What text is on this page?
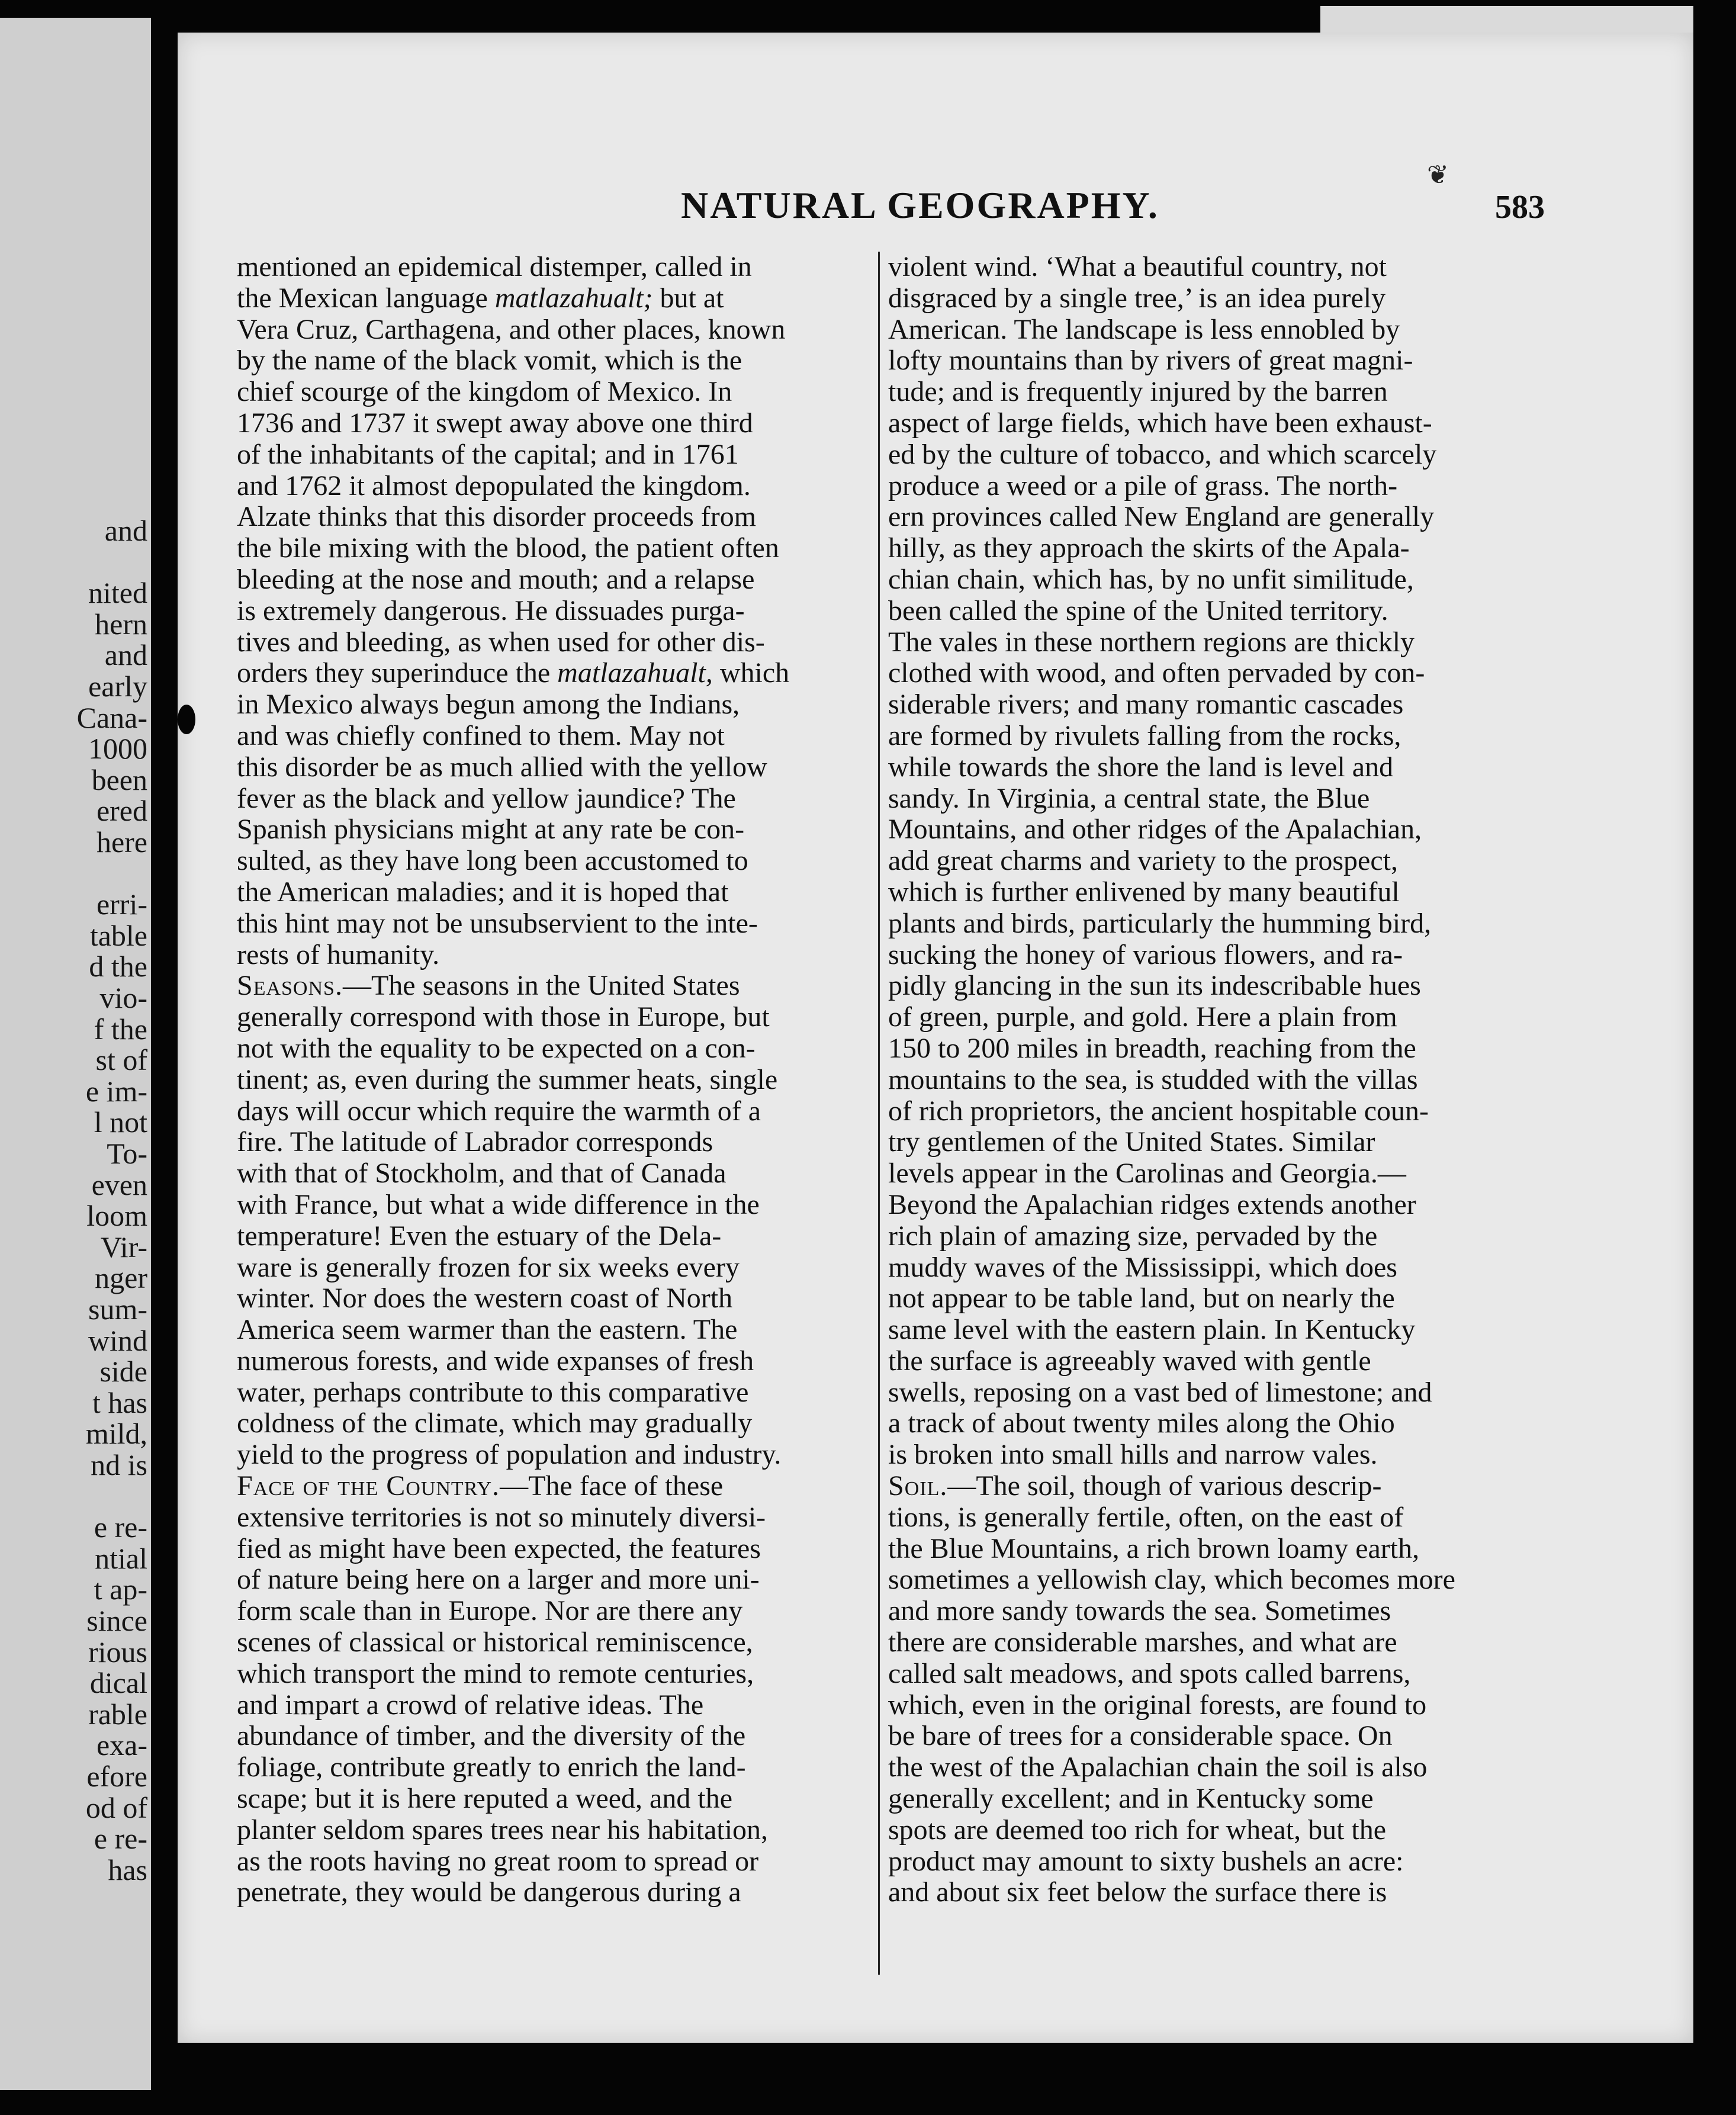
and
nited
hern
and
early
Cana-
1000
been
ered
here
erri-
table
d the
vio-
f the
st of
e im-
l not
To-
even
loom
Vir-
nger
sum-
wind
side
t has
mild,
nd is
e re-
ntial
t ap-
since
rious
dical
rable
exa-
efore
od of
e re-
has
❦
NATURAL GEOGRAPHY.	583
mentioned an epidemical distemper, called in
the Mexican language matlazahualt; but at
Vera Cruz, Carthagena, and other places, known
by the name of the black vomit, which is the
chief scourge of the kingdom of Mexico. In
1736 and 1737 it swept away above one third
of the inhabitants of the capital; and in 1761
and 1762 it almost depopulated the kingdom.
Alzate thinks that this disorder proceeds from
the bile mixing with the blood, the patient often
bleeding at the nose and mouth; and a relapse
is extremely dangerous. He dissuades purga-
tives and bleeding, as when used for other dis-
orders they superinduce the matlazahualt, which
in Mexico always begun among the Indians,
and was chiefly confined to them. May not
this disorder be as much allied with the yellow
fever as the black and yellow jaundice? The
Spanish physicians might at any rate be con-
sulted, as they have long been accustomed to
the American maladies; and it is hoped that
this hint may not be unsubservient to the inte-
rests of humanity.
Seasons.—The seasons in the United States
generally correspond with those in Europe, but
not with the equality to be expected on a con-
tinent; as, even during the summer heats, single
days will occur which require the warmth of a
fire. The latitude of Labrador corresponds
with that of Stockholm, and that of Canada
with France, but what a wide difference in the
temperature! Even the estuary of the Dela-
ware is generally frozen for six weeks every
winter. Nor does the western coast of North
America seem warmer than the eastern. The
numerous forests, and wide expanses of fresh
water, perhaps contribute to this comparative
coldness of the climate, which may gradually
yield to the progress of population and industry.
Face of the Country.—The face of these
extensive territories is not so minutely diversi-
fied as might have been expected, the features
of nature being here on a larger and more uni-
form scale than in Europe. Nor are there any
scenes of classical or historical reminiscence,
which transport the mind to remote centuries,
and impart a crowd of relative ideas. The
abundance of timber, and the diversity of the
foliage, contribute greatly to enrich the land-
scape; but it is here reputed a weed, and the
planter seldom spares trees near his habitation,
as the roots having no great room to spread or
penetrate, they would be dangerous during a
violent wind. ‘What a beautiful country, not
disgraced by a single tree,’ is an idea purely
American. The landscape is less ennobled by
lofty mountains than by rivers of great magni-
tude; and is frequently injured by the barren
aspect of large fields, which have been exhaust-
ed by the culture of tobacco, and which scarcely
produce a weed or a pile of grass. The north-
ern provinces called New England are generally
hilly, as they approach the skirts of the Apala-
chian chain, which has, by no unfit similitude,
been called the spine of the United territory.
The vales in these northern regions are thickly
clothed with wood, and often pervaded by con-
siderable rivers; and many romantic cascades
are formed by rivulets falling from the rocks,
while towards the shore the land is level and
sandy. In Virginia, a central state, the Blue
Mountains, and other ridges of the Apalachian,
add great charms and variety to the prospect,
which is further enlivened by many beautiful
plants and birds, particularly the humming bird,
sucking the honey of various flowers, and ra-
pidly glancing in the sun its indescribable hues
of green, purple, and gold. Here a plain from
150 to 200 miles in breadth, reaching from the
mountains to the sea, is studded with the villas
of rich proprietors, the ancient hospitable coun-
try gentlemen of the United States. Similar
levels appear in the Carolinas and Georgia.—
Beyond the Apalachian ridges extends another
rich plain of amazing size, pervaded by the
muddy waves of the Mississippi, which does
not appear to be table land, but on nearly the
same level with the eastern plain. In Kentucky
the surface is agreeably waved with gentle
swells, reposing on a vast bed of limestone; and
a track of about twenty miles along the Ohio
is broken into small hills and narrow vales.
Soil.—The soil, though of various descrip-
tions, is generally fertile, often, on the east of
the Blue Mountains, a rich brown loamy earth,
sometimes a yellowish clay, which becomes more
and more sandy towards the sea. Sometimes
there are considerable marshes, and what are
called salt meadows, and spots called barrens,
which, even in the original forests, are found to
be bare of trees for a considerable space. On
the west of the Apalachian chain the soil is also
generally excellent; and in Kentucky some
spots are deemed too rich for wheat, but the
product may amount to sixty bushels an acre:
and about six feet below the surface there is
